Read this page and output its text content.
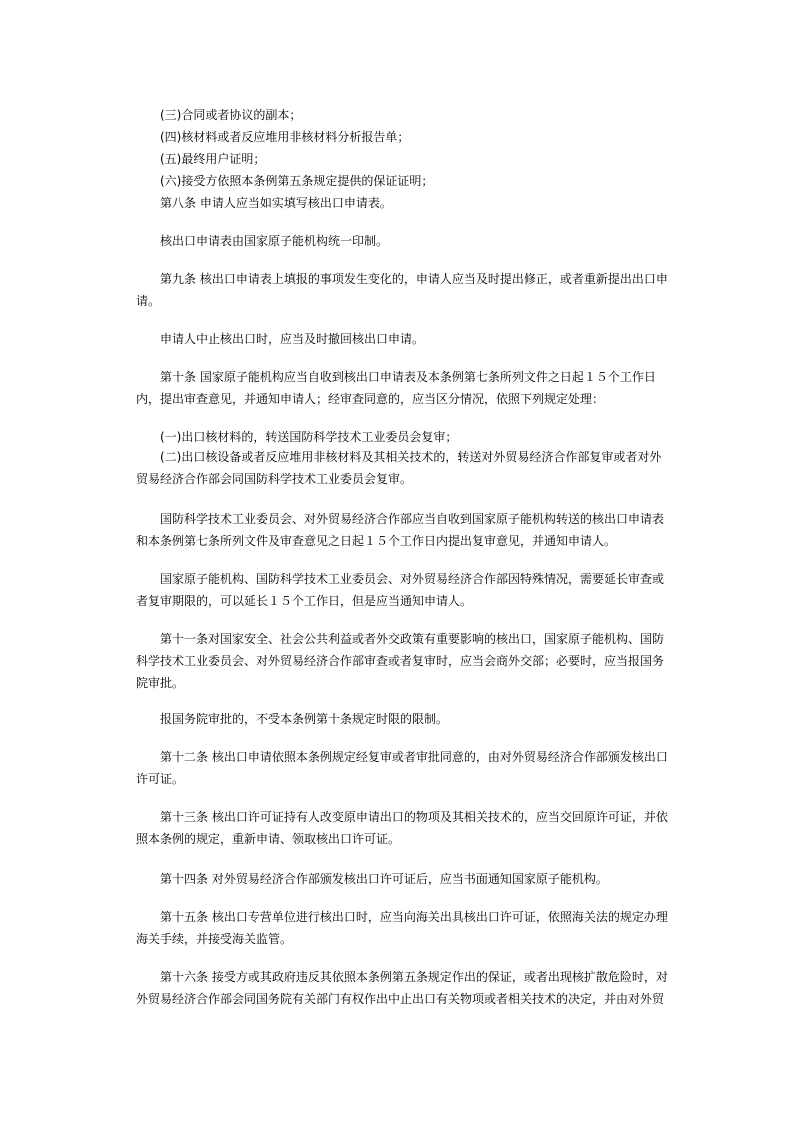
(三)合同或者协议的副本；

(四)核材料或者反应堆用非核材料分析报告单；

(五)最终用户证明；

(六)接受方依照本条例第五条规定提供的保证证明；

第八条 申请人应当如实填写核出口申请表。

核出口申请表由国家原子能机构统一印制。

第九条 核出口申请表上填报的事项发生变化的，申请人应当及时提出修正，或者重新提出出口申
请。

申请人中止核出口时，应当及时撤回核出口申请。

第十条 国家原子能机构应当自收到核出口申请表及本条例第七条所列文件之日起１５个工作日
内，提出审查意见，并通知申请人；经审查同意的，应当区分情况，依照下列规定处理：

(一)出口核材料的，转送国防科学技术工业委员会复审；

(二)出口核设备或者反应堆用非核材料及其相关技术的，转送对外贸易经济合作部复审或者对外
贸易经济合作部会同国防科学技术工业委员会复审。
国防科学技术工业委员会、对外贸易经济合作部应当自收到国家原子能机构转送的核出口申请表
和本条例第七条所列文件及审查意见之日起１５个工作日内提出复审意见，并通知申请人。
国家原子能机构、国防科学技术工业委员会、对外贸易经济合作部因特殊情况，需要延长审查或
者复审期限的，可以延长１５个工作日，但是应当通知申请人。
第十一条对国家安全、社会公共利益或者外交政策有重要影响的核出口，国家原子能机构、国防
科学技术工业委员会、对外贸易经济合作部审查或者复审时，应当会商外交部；必要时，应当报国务
院审批。

报国务院审批的，不受本条例第十条规定时限的限制。

第十二条 核出口申请依照本条例规定经复审或者审批同意的，由对外贸易经济合作部颁发核出口
许可证。
第十三条 核出口许可证持有人改变原申请出口的物项及其相关技术的，应当交回原许可证，并依
照本条例的规定，重新申请、领取核出口许可证。

第十四条 对外贸易经济合作部颁发核出口许可证后，应当书面通知国家原子能机构。

第十五条 核出口专营单位进行核出口时，应当向海关出具核出口许可证，依照海关法的规定办理
海关手续，并接受海关监管。
第十六条 接受方或其政府违反其依照本条例第五条规定作出的保证，或者出现核扩散危险时，对
外贸易经济合作部会同国务院有关部门有权作出中止出口有关物项或者相关技术的决定，并由对外贸
